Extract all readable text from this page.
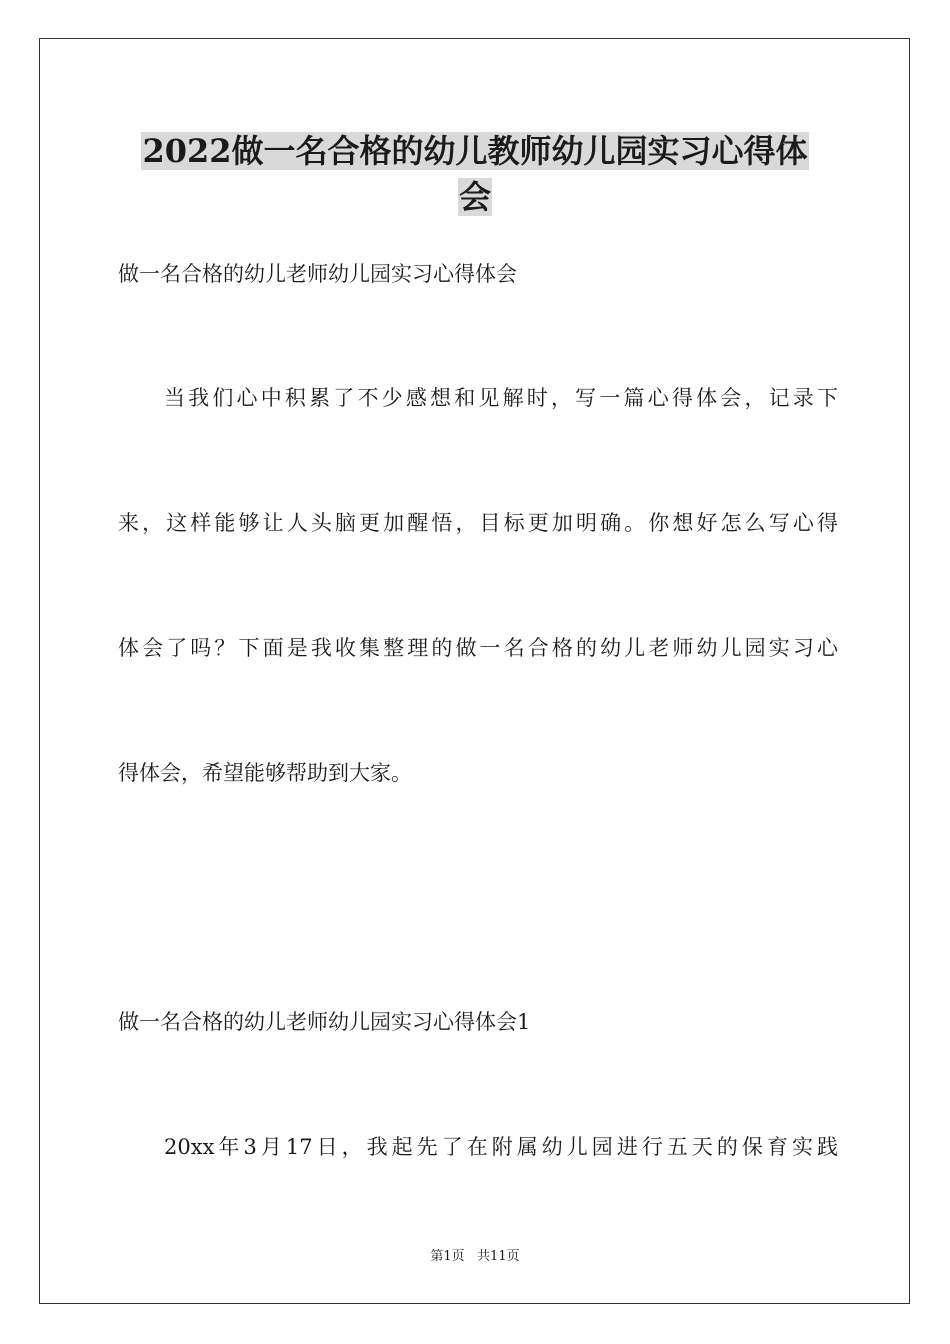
2022做一名合格的幼儿教师幼儿园实习心得体
会

做一名合格的幼儿老师幼儿园实习心得体会

当我们心中积累了不少感想和见解时，写一篇心得体会，记录下

来，这样能够让人头脑更加醒悟，目标更加明确。你想好怎么写心得

体会了吗？下面是我收集整理的做一名合格的幼儿老师幼儿园实习心

得体会，希望能够帮助到大家。

做一名合格的幼儿老师幼儿园实习心得体会1

20xx年3月17日，我起先了在附属幼儿园进行五天的保育实践

第1页   共11页
